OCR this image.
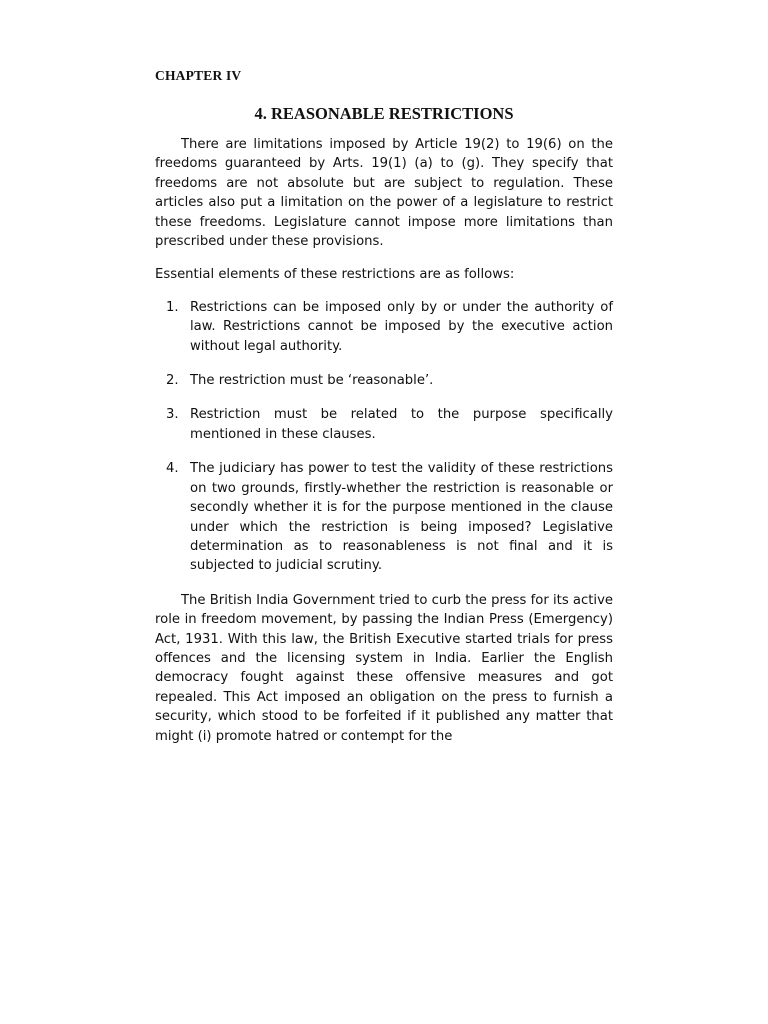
CHAPTER IV

4. REASONABLE RESTRICTIONS

There are limitations imposed by Article 19(2) to 19(6) on the freedoms guaranteed by Arts. 19(1) (a) to (g). They specify that freedoms are not absolute but are subject to regulation. These articles also put a limitation on the power of a legislature to restrict these freedoms. Legislature cannot impose more limitations than prescribed under these provisions.

Essential elements of these restrictions are as follows:

1. Restrictions can be imposed only by or under the authority of law. Restrictions cannot be imposed by the executive action without legal authority.

2. The restriction must be ‘reasonable’.

3. Restriction must be related to the purpose specifically mentioned in these clauses.

4. The judiciary has power to test the validity of these restrictions on two grounds, firstly-whether the restriction is reasonable or secondly whether it is for the purpose mentioned in the clause under which the restriction is being imposed? Legislative determination as to reasonableness is not final and it is subjected to judicial scrutiny.

The British India Government tried to curb the press for its active role in freedom movement, by passing the Indian Press (Emergency) Act, 1931. With this law, the British Executive started trials for press offences and the licensing system in India. Earlier the English democracy fought against these offensive measures and got repealed. This Act imposed an obligation on the press to furnish a security, which stood to be forfeited if it published any matter that might (i) promote hatred or contempt for the
